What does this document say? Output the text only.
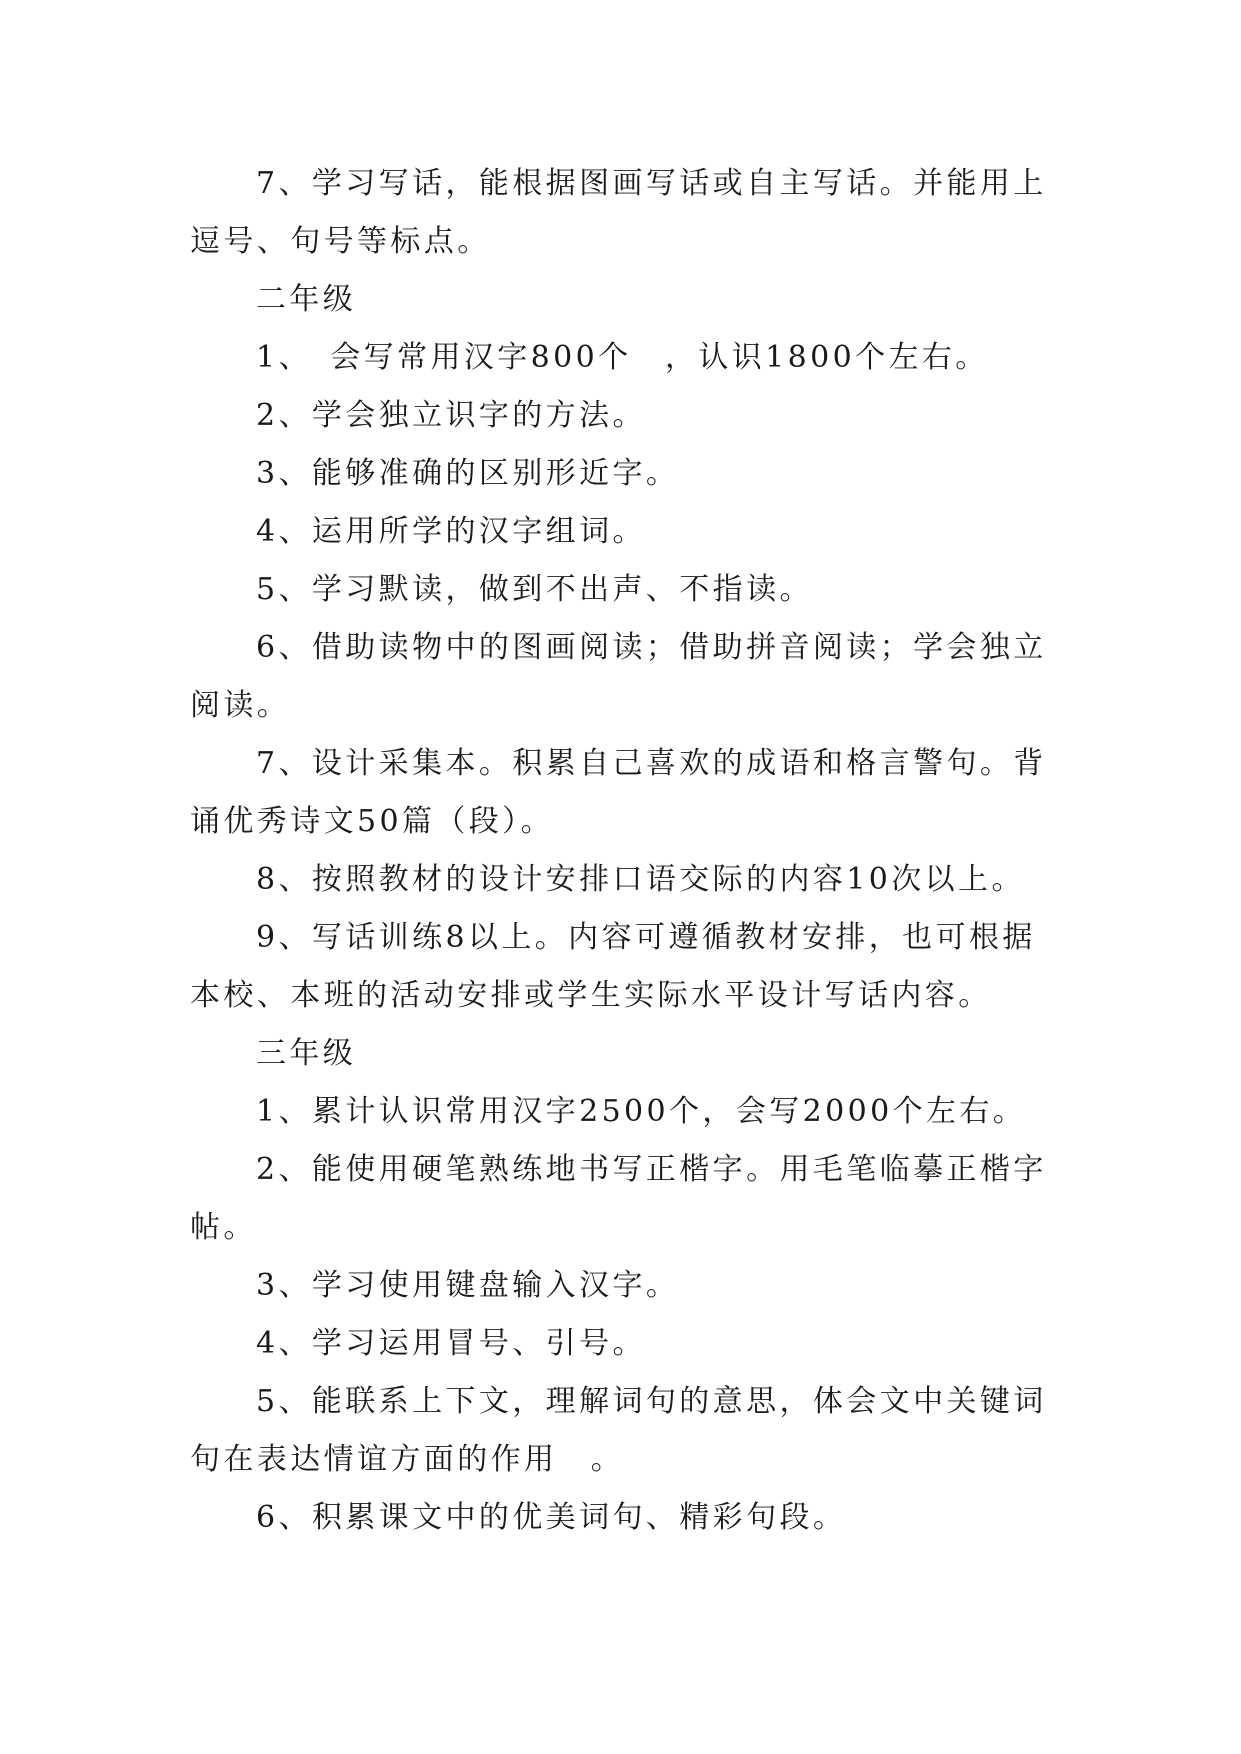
7、学习写话，能根据图画写话或自主写话。并能用上逗号、句号等标点。

二年级

1、　会写常用汉字800个　，认识1800个左右。

2、学会独立识字的方法。

3、能够准确的区别形近字。

4、运用所学的汉字组词。

5、学习默读，做到不出声、不指读。

6、借助读物中的图画阅读；借助拼音阅读；学会独立阅读。

7、设计采集本。积累自己喜欢的成语和格言警句。背诵优秀诗文50篇（段）。

8、按照教材的设计安排口语交际的内容10次以上。

9、写话训练8以上。内容可遵循教材安排，也可根据本校、本班的活动安排或学生实际水平设计写话内容。

三年级

1、累计认识常用汉字2500个，会写2000个左右。

2、能使用硬笔熟练地书写正楷字。用毛笔临摹正楷字帖。

3、学习使用键盘输入汉字。

4、学习运用冒号、引号。

5、能联系上下文，理解词句的意思，体会文中关键词句在表达情谊方面的作用　。

6、积累课文中的优美词句、精彩句段。
